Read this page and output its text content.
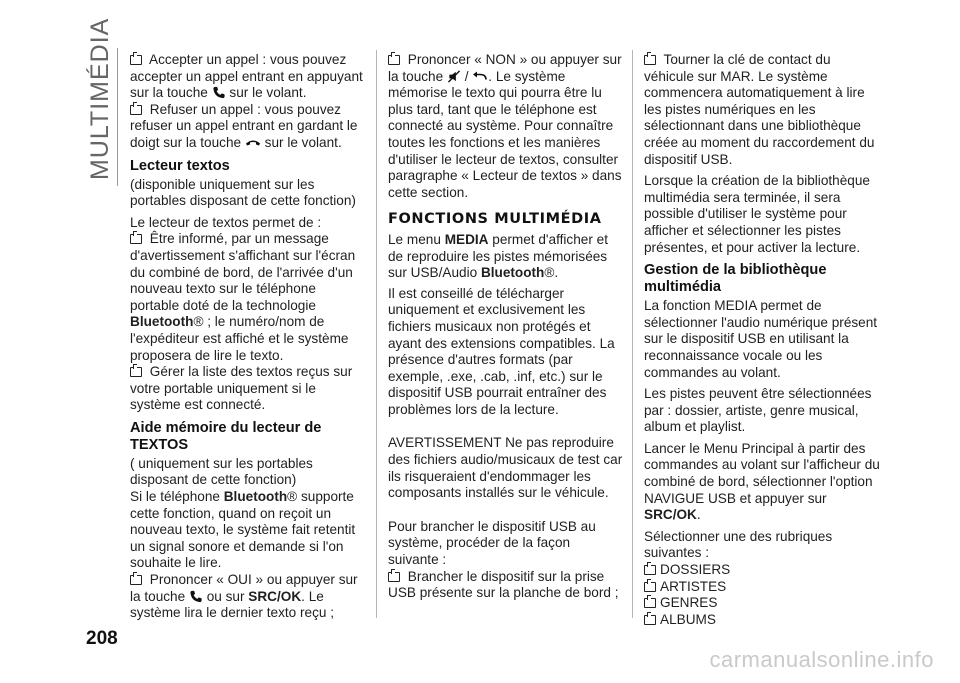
MULTIMÉDIA
208

Accepter un appel : vous pouvez accepter un appel entrant en appuyant sur la touche sur le volant.

Refuser un appel : vous pouvez refuser un appel entrant en gardant le doigt sur la touche sur le volant.

Lecteur textos

(disponible uniquement sur les portables disposant de cette fonction)

Le lecteur de textos permet de :

Être informé, par un message d'avertissement s'affichant sur l'écran du combiné de bord, de l'arrivée d'un nouveau texto sur le téléphone portable doté de la technologie Bluetooth® ; le numéro/nom de l'expéditeur est affiché et le système proposera de lire le texto.

Gérer la liste des textos reçus sur votre portable uniquement si le système est connecté.

Aide mémoire du lecteur de TEXTOS

( uniquement sur les portables disposant de cette fonction)

Si le téléphone Bluetooth® supporte cette fonction, quand on reçoit un nouveau texto, le système fait retentit un signal sonore et demande si l'on souhaite le lire.

Prononcer « OUI » ou appuyer sur la touche ou sur SRC/OK. Le système lira le dernier texto reçu ;

Prononcer « NON » ou appuyer sur la touche / . Le système mémorise le texto qui pourra être lu plus tard, tant que le téléphone est connecté au système. Pour connaître toutes les fonctions et les manières d'utiliser le lecteur de textos, consulter paragraphe « Lecteur de textos » dans cette section.

FONCTIONS MULTIMÉDIA

Le menu MEDIA permet d'afficher et de reproduire les pistes mémorisées sur USB/Audio Bluetooth®.

Il est conseillé de télécharger uniquement et exclusivement les fichiers musicaux non protégés et ayant des extensions compatibles. La présence d'autres formats (par exemple, .exe, .cab, .inf, etc.) sur le dispositif USB pourrait entraîner des problèmes lors de la lecture.

AVERTISSEMENT Ne pas reproduire des fichiers audio/musicaux de test car ils risqueraient d'endommager les composants installés sur le véhicule.

Pour brancher le dispositif USB au système, procéder de la façon suivante :

Brancher le dispositif sur la prise USB présente sur la planche de bord ;

Tourner la clé de contact du véhicule sur MAR. Le système commencera automatiquement à lire les pistes numériques en les sélectionnant dans une bibliothèque créée au moment du raccordement du dispositif USB.

Lorsque la création de la bibliothèque multimédia sera terminée, il sera possible d'utiliser le système pour afficher et sélectionner les pistes présentes, et pour activer la lecture.

Gestion de la bibliothèque multimédia

La fonction MEDIA permet de sélectionner l'audio numérique présent sur le dispositif USB en utilisant la reconnaissance vocale ou les commandes au volant.

Les pistes peuvent être sélectionnées par : dossier, artiste, genre musical, album et playlist.

Lancer le Menu Principal à partir des commandes au volant sur l'afficheur du combiné de bord, sélectionner l'option NAVIGUE USB et appuyer sur SRC/OK.

Sélectionner une des rubriques suivantes :

DOSSIERS

ARTISTES

GENRES

ALBUMS

carmanualsonline.info
